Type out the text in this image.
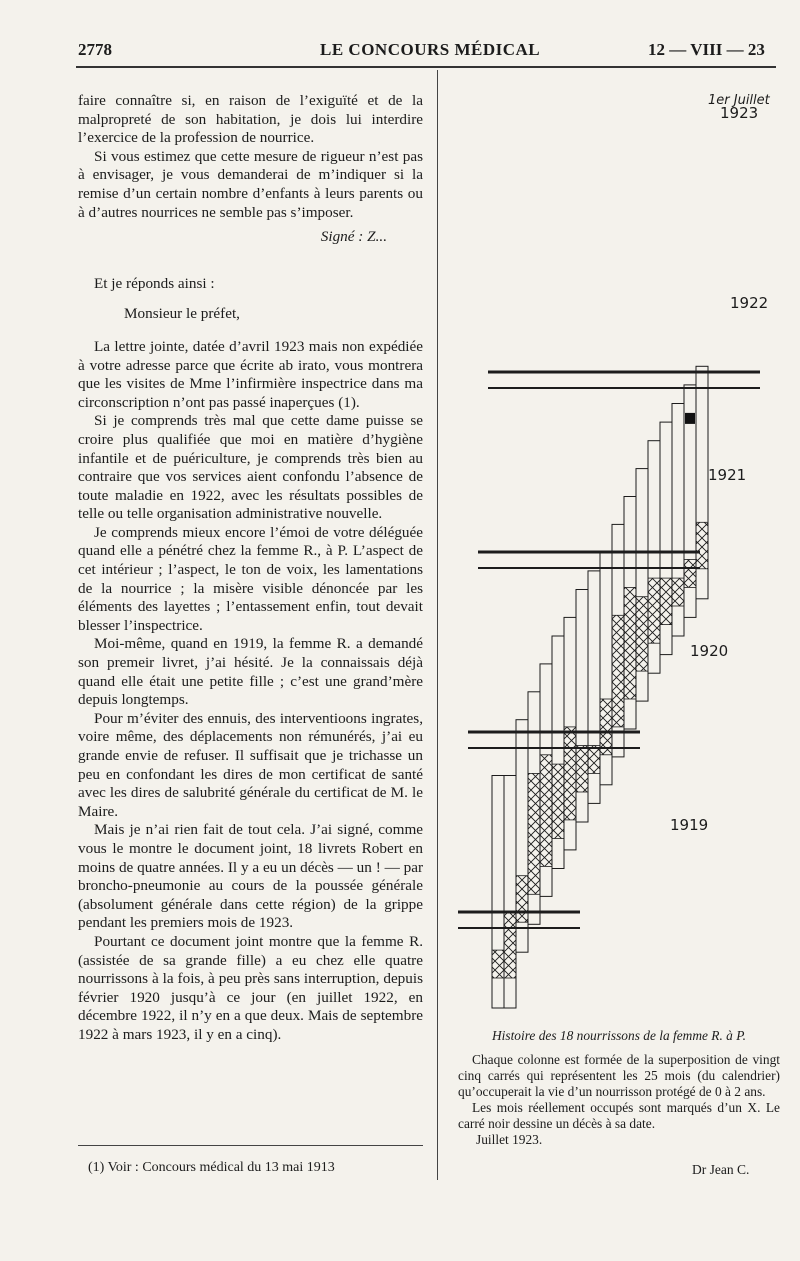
2778	LE CONCOURS MÉDICAL	12 — VIII — 23

faire connaître si, en raison de l’exiguïté et de la malpropreté de son habitation, je dois lui interdire l’exercice de la profession de nourrice.

Si vous estimez que cette mesure de rigueur n’est pas à envisager, je vous demanderai de m’indiquer si la remise d’un certain nombre d’enfants à leurs parents ou à d’autres nourrices ne semble pas s’imposer.

Signé : Z...

Et je réponds ainsi :

Monsieur le préfet,

La lettre jointe, datée d’avril 1923 mais non expédiée à votre adresse parce que écrite ab irato, vous montrera que les visites de Mme l’infirmière inspectrice dans ma circonscription n’ont pas passé inaperçues (1).

Si je comprends très mal que cette dame puisse se croire plus qualifiée que moi en matière d’hygiène infantile et de puériculture, je comprends très bien au contraire que vos services aient confondu l’absence de toute maladie en 1922, avec les résultats possibles de telle ou telle organisation administrative nouvelle.

Je comprends mieux encore l’émoi de votre déléguée quand elle a pénétré chez la femme R., à P. L’aspect de cet intérieur ; l’aspect, le ton de voix, les lamentations de la nourrice ; la misère visible dénoncée par les éléments des layettes ; l’entassement enfin, tout devait blesser l’inspectrice.

Moi-même, quand en 1919, la femme R. a demandé son premeir livret, j’ai hésité. Je la connaissais déjà quand elle était une petite fille ; c’est une grand’mère depuis longtemps.

Pour m’éviter des ennuis, des interventioons ingrates, voire même, des déplacements non rémunérés, j’ai eu grande envie de refuser. Il suffisait que je trichasse un peu en confondant les dires de mon certificat de santé avec les dires de salubrité générale du certificat de M. le Maire.

Mais je n’ai rien fait de tout cela. J’ai signé, comme vous le montre le document joint, 18 livrets Robert en moins de quatre années. Il y a eu un décès — un ! — par broncho-pneumonie au cours de la poussée générale (absolument générale dans cette région) de la grippe pendant les premiers mois de 1923.

Pourtant ce document joint montre que la femme R. (assistée de sa grande fille) a eu chez elle quatre nourrissons à la fois, à peu près sans interruption, depuis février 1920 jusqu’à ce jour (en juillet 1922, en décembre 1922, il n’y en a que deux. Mais de septembre 1922 à mars 1923, il y en a cinq).

(1) Voir : Concours médical du 13 mai 1913
1923
1922
1921
1920
1919
1er Juillet

Histoire des 18 nourrissons de la femme R. à P.

Chaque colonne est formée de la superposition de vingt cinq carrés qui représentent les 25 mois (du calendrier) qu’occuperait la vie d’un nourrisson protégé de 0 à 2 ans.

Les mois réellement occupés sont marqués d’un X. Le carré noir dessine un décès à sa date.

Juillet 1923.

Dr Jean C.
